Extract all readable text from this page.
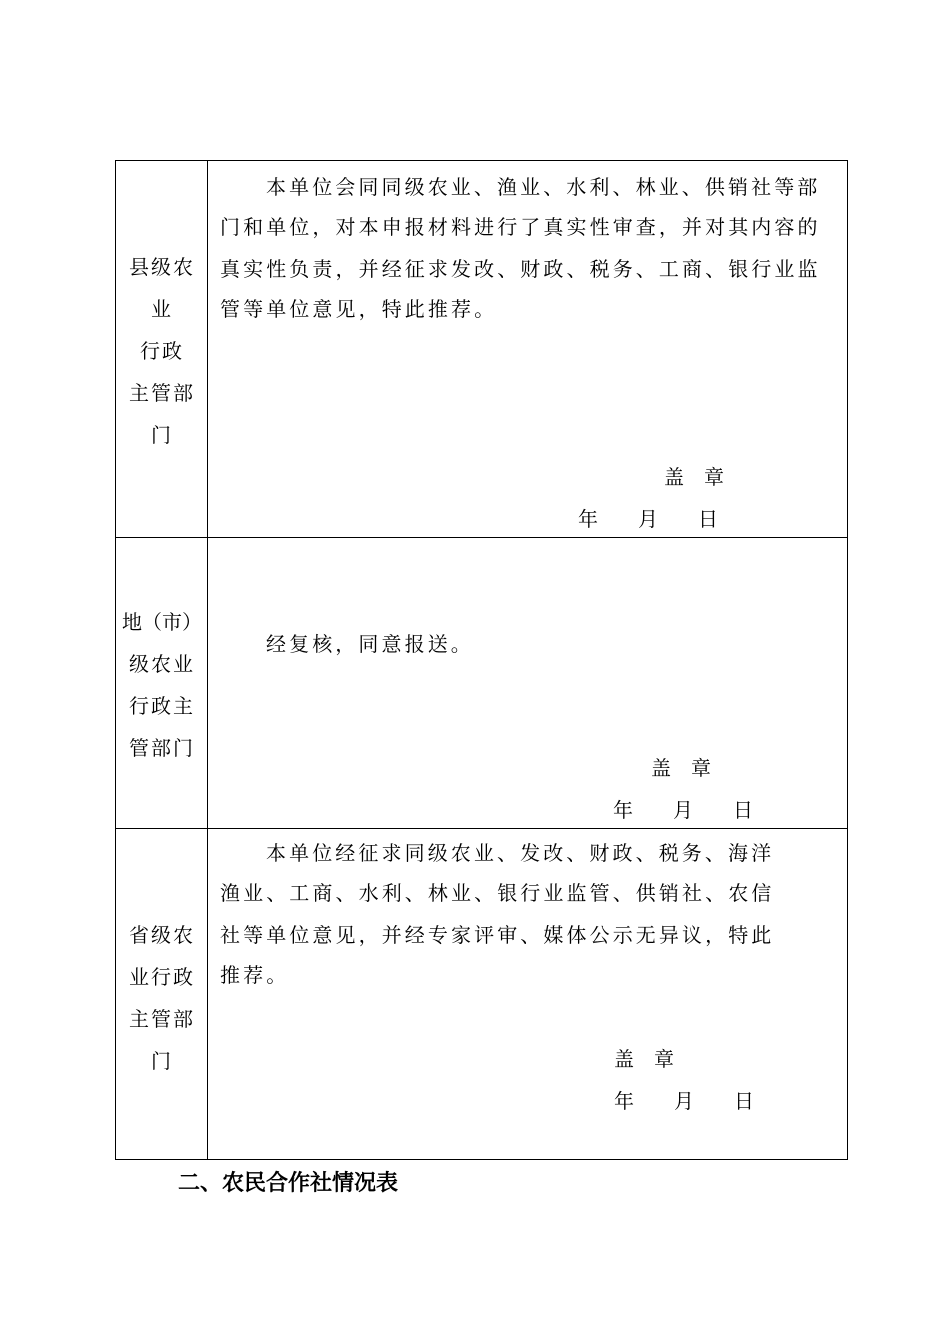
县级农
业
行政
主管部
门
本单位会同同级农业、渔业、水利、林业、供销社等部
门和单位，对本申报材料进行了真实性审查，并对其内容的
真实性负责，并经征求发改、财政、税务、工商、银行业监
管等单位意见，特此推荐。
盖　章
年　　月　　日
地（市）
级农业
行政主
管部门
经复核，同意报送。
盖　章
年　　月　　日
省级农
业行政
主管部
门
本单位经征求同级农业、发改、财政、税务、海洋
渔业、工商、水利、林业、银行业监管、供销社、农信
社等单位意见，并经专家评审、媒体公示无异议，特此
推荐。
盖　章
年　　月　　日
二、农民合作社情况表
